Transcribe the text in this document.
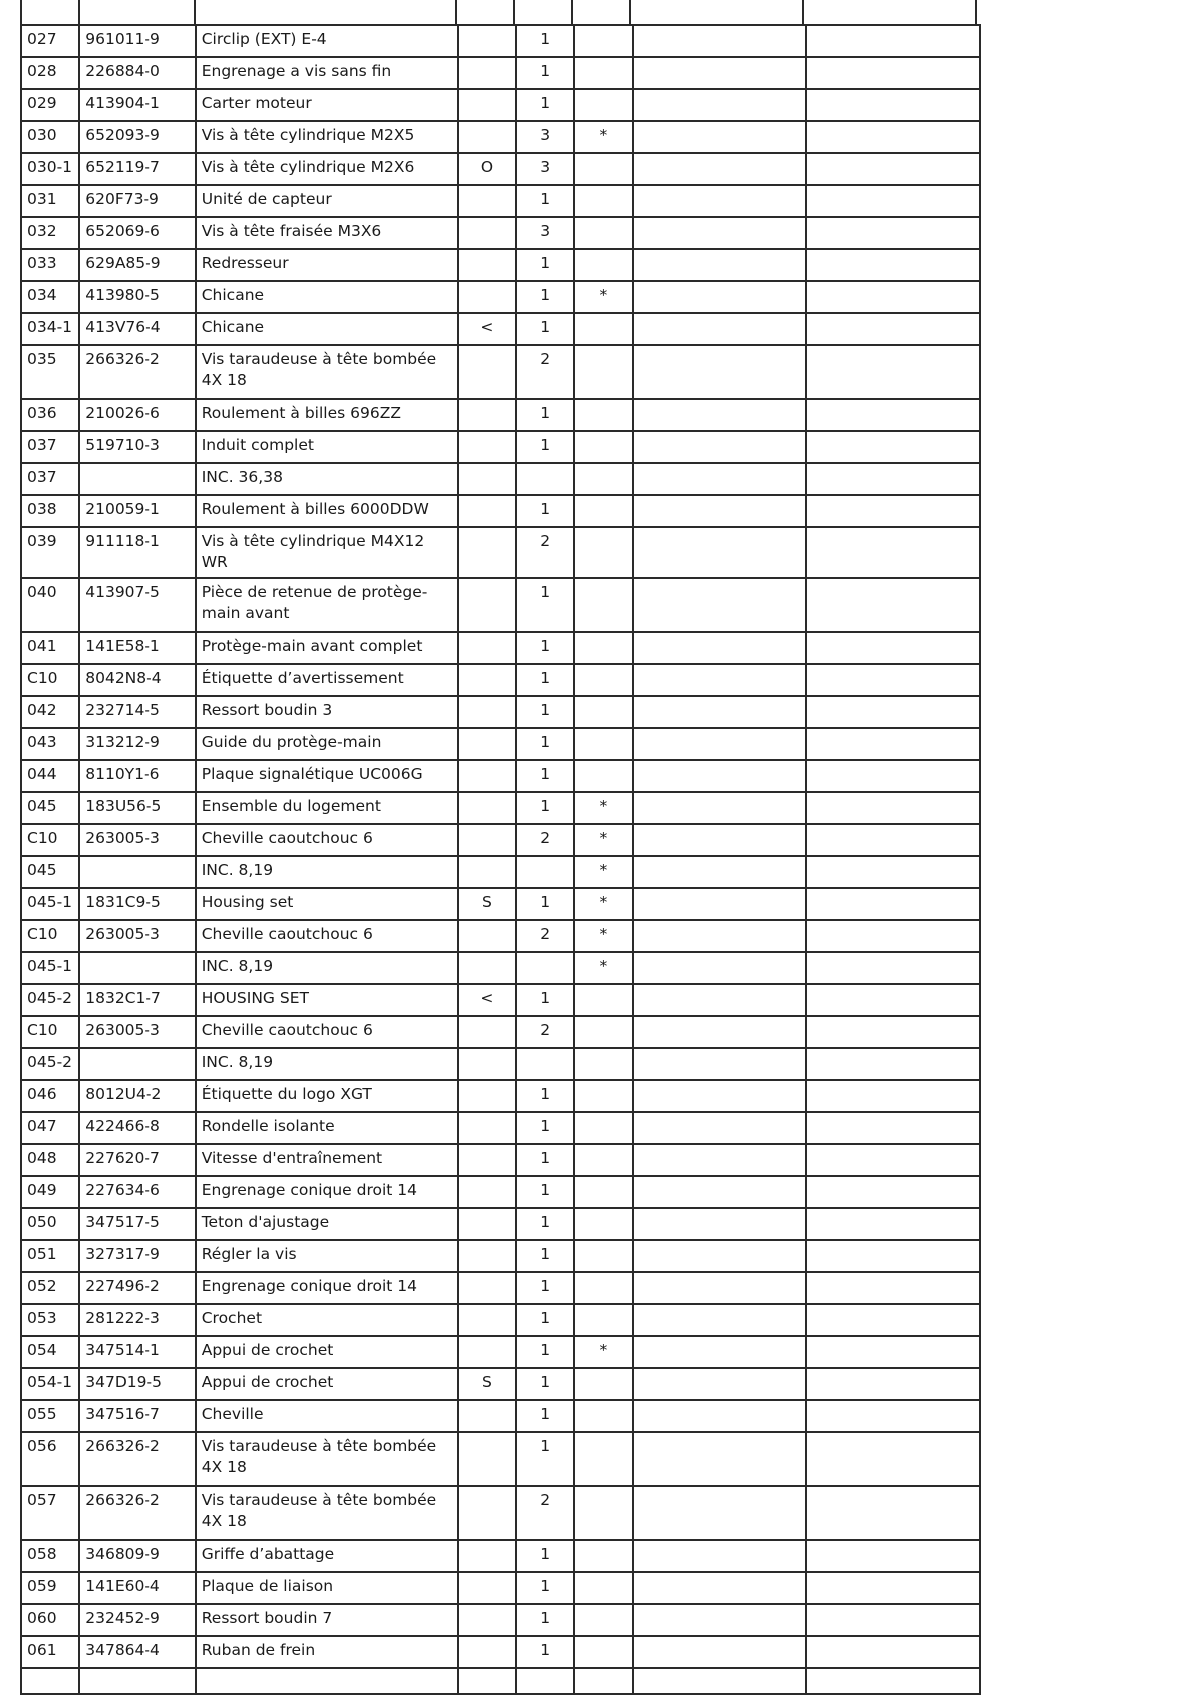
027	961011-9	Circlip (EXT) E-4		1			
028	226884-0	Engrenage a vis sans fin		1			
029	413904-1	Carter moteur		1			
030	652093-9	Vis à tête cylindrique M2X5		3	*		
030-1	652119-7	Vis à tête cylindrique M2X6	O	3			
031	620F73-9	Unité de capteur		1			
032	652069-6	Vis à tête fraisée M3X6		3			
033	629A85-9	Redresseur		1			
034	413980-5	Chicane		1	*		
034-1	413V76-4	Chicane	<	1			
035	266326-2	Vis taraudeuse à tête bombée 4X 18		2			
036	210026-6	Roulement à billes 696ZZ		1			
037	519710-3	Induit complet		1			
037		INC. 36,38					
038	210059-1	Roulement à billes 6000DDW		1			
039	911118-1	Vis à tête cylindrique M4X12 WR		2			
040	413907-5	Pièce de retenue de protège-main avant		1			
041	141E58-1	Protège-main avant complet		1			
C10	8042N8-4	Étiquette d’avertissement		1			
042	232714-5	Ressort boudin 3		1			
043	313212-9	Guide du protège-main		1			
044	8110Y1-6	Plaque signalétique UC006G		1			
045	183U56-5	Ensemble du logement		1	*		
C10	263005-3	Cheville caoutchouc 6		2	*		
045		INC. 8,19			*		
045-1	1831C9-5	Housing set	S	1	*		
C10	263005-3	Cheville caoutchouc 6		2	*		
045-1		INC. 8,19			*		
045-2	1832C1-7	HOUSING SET	<	1			
C10	263005-3	Cheville caoutchouc 6		2			
045-2		INC. 8,19					
046	8012U4-2	Étiquette du logo XGT		1			
047	422466-8	Rondelle isolante		1			
048	227620-7	Vitesse d'entraînement		1			
049	227634-6	Engrenage conique droit 14		1			
050	347517-5	Teton d'ajustage		1			
051	327317-9	Régler la vis		1			
052	227496-2	Engrenage conique droit 14		1			
053	281222-3	Crochet		1			
054	347514-1	Appui de crochet		1	*		
054-1	347D19-5	Appui de crochet	S	1			
055	347516-7	Cheville		1			
056	266326-2	Vis taraudeuse à tête bombée 4X 18		1			
057	266326-2	Vis taraudeuse à tête bombée 4X 18		2			
058	346809-9	Griffe d’abattage		1			
059	141E60-4	Plaque de liaison		1			
060	232452-9	Ressort boudin 7		1			
061	347864-4	Ruban de frein		1			
